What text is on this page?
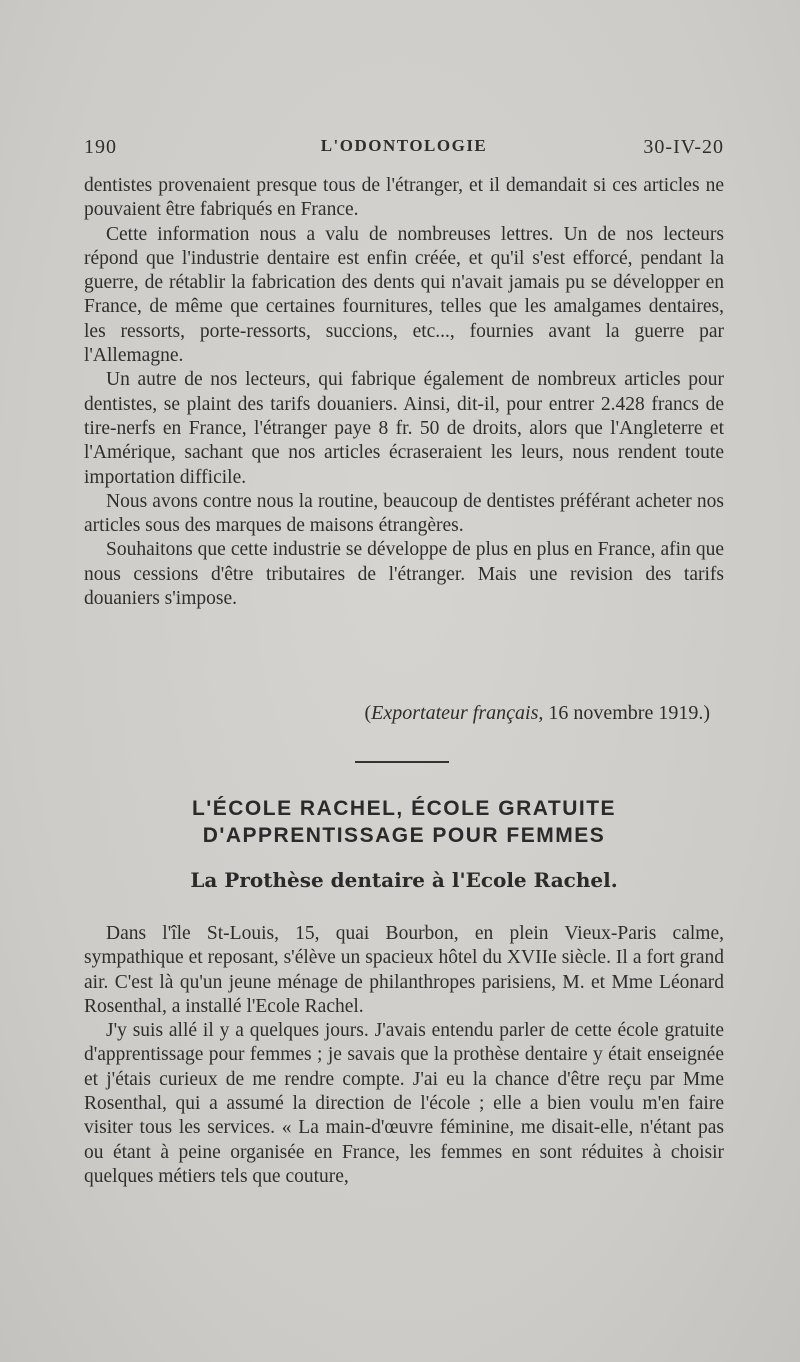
190	L'ODONTOLOGIE	30-IV-20

dentistes provenaient presque tous de l'étranger, et il demandait si ces articles ne pouvaient être fabriqués en France.

Cette information nous a valu de nombreuses lettres. Un de nos lecteurs répond que l'industrie dentaire est enfin créée, et qu'il s'est efforcé, pendant la guerre, de rétablir la fabrication des dents qui n'avait jamais pu se développer en France, de même que certaines fournitures, telles que les amalgames dentaires, les ressorts, porte-ressorts, succions, etc..., fournies avant la guerre par l'Allemagne.

Un autre de nos lecteurs, qui fabrique également de nombreux articles pour dentistes, se plaint des tarifs douaniers. Ainsi, dit-il, pour entrer 2.428 francs de tire-nerfs en France, l'étranger paye 8 fr. 50 de droits, alors que l'Angleterre et l'Amérique, sachant que nos articles écraseraient les leurs, nous rendent toute importation difficile.

Nous avons contre nous la routine, beaucoup de dentistes préférant acheter nos articles sous des marques de maisons étrangères.

Souhaitons que cette industrie se développe de plus en plus en France, afin que nous cessions d'être tributaires de l'étranger. Mais une revision des tarifs douaniers s'impose.

(Exportateur français, 16 novembre 1919.)
L'ÉCOLE RACHEL, ÉCOLE GRATUITE
D'APPRENTISSAGE POUR FEMMES
La Prothèse dentaire à l'Ecole Rachel.

Dans l'île St-Louis, 15, quai Bourbon, en plein Vieux-Paris calme, sympathique et reposant, s'élève un spacieux hôtel du XVIIe siècle. Il a fort grand air. C'est là qu'un jeune ménage de philanthropes parisiens, M. et Mme Léonard Rosenthal, a installé l'Ecole Rachel.

J'y suis allé il y a quelques jours. J'avais entendu parler de cette école gratuite d'apprentissage pour femmes ; je savais que la prothèse dentaire y était enseignée et j'étais curieux de me rendre compte. J'ai eu la chance d'être reçu par Mme Rosenthal, qui a assumé la direction de l'école ; elle a bien voulu m'en faire visiter tous les services. « La main-d'œuvre féminine, me disait-elle, n'étant pas ou étant à peine organisée en France, les femmes en sont réduites à choisir quelques métiers tels que couture,
